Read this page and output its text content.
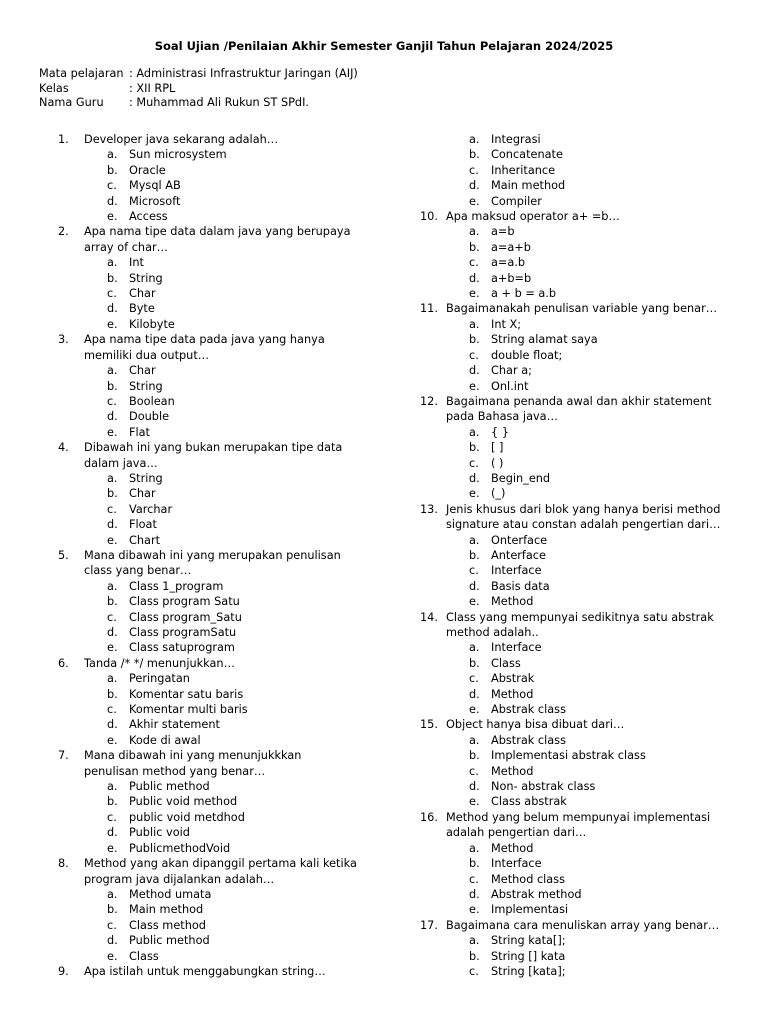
Soal Ujian /Penilaian Akhir Semester Ganjil Tahun Pelajaran 2024/2025
Mata pelajaran : Administrasi Infrastruktur Jaringan (AIJ)
Kelas	: XII RPL
Nama Guru	: Muhammad Ali Rukun ST SPdI.
1.	Developer java sekarang adalah…
a.	Sun microsystem
b. Oracle
c.	Mysql AB
d. Microsoft
e.	Access
2.	Apa nama tipe data dalam java yang berupaya array of char…
a.	Int
b. String
c.	Char
d. Byte
e.	Kilobyte
3.	Apa nama tipe data pada java yang hanya memiliki dua output…
a.	Char
b. String
c.	Boolean
d. Double
e.	Flat
4.	Dibawah ini yang bukan merupakan tipe data dalam java…
a.	String
b. Char
c.	Varchar
d. Float
e.	Chart
5.	Mana dibawah ini yang merupakan penulisan class yang benar…
a.	Class 1_program
b. Class program Satu
c.	Class program_Satu
d. Class programSatu
e.	Class satuprogram
6.	Tanda /* */ menunjukkan…
a.	Peringatan
b. Komentar satu baris
c.	Komentar multi baris
d. Akhir statement
e.	Kode di awal
7.	Mana dibawah ini yang menunjukkkan penulisan method yang benar…
a.	Public method
b. Public void method
c.	public void metdhod
d. Public void
e.	PublicmethodVoid
8.	Method yang akan dipanggil pertama kali ketika program java dijalankan adalah…
a.	Method umata
b. Main method
c.	Class method
d. Public method
e.	Class
9.	Apa istilah untuk menggabungkan string…
a.	Integrasi
b. Concatenate
c.	Inheritance
d. Main method
e.	Compiler
10. Apa maksud operator a+ =b…
a.	a=b
b. a=a+b
c.	a=a.b
d. a+b=b
e.	a + b = a.b
11. Bagaimanakah penulisan variable yang benar…
a.	Int X;
b. String alamat saya
c.	double float;
d. Char a;
e.	Onl.int
12. Bagaimana penanda awal dan akhir statement pada Bahasa java…
a.	{ }
b. [ ]
c.	( )
d. Begin_end
e.	(_)
13. Jenis khusus dari blok yang hanya berisi method signature atau constan adalah pengertian dari…
a.	Onterface
b. Anterface
c.	Interface
d. Basis data
e.	Method
14. Class yang mempunyai sedikitnya satu abstrak method adalah..
a.	Interface
b. Class
c.	Abstrak
d. Method
e.	Abstrak class
15. Object hanya bisa dibuat dari…
a.	Abstrak class
b. Implementasi abstrak class
c.	Method
d. Non- abstrak class
e.	Class abstrak
16. Method yang belum mempunyai implementasi adalah pengertian dari…
a.	Method
b. Interface
c.	Method class
d. Abstrak method
e.	Implementasi
17. Bagaimana cara menuliskan array yang benar…
a.	String kata[];
b. String [] kata
c.	String [kata];
